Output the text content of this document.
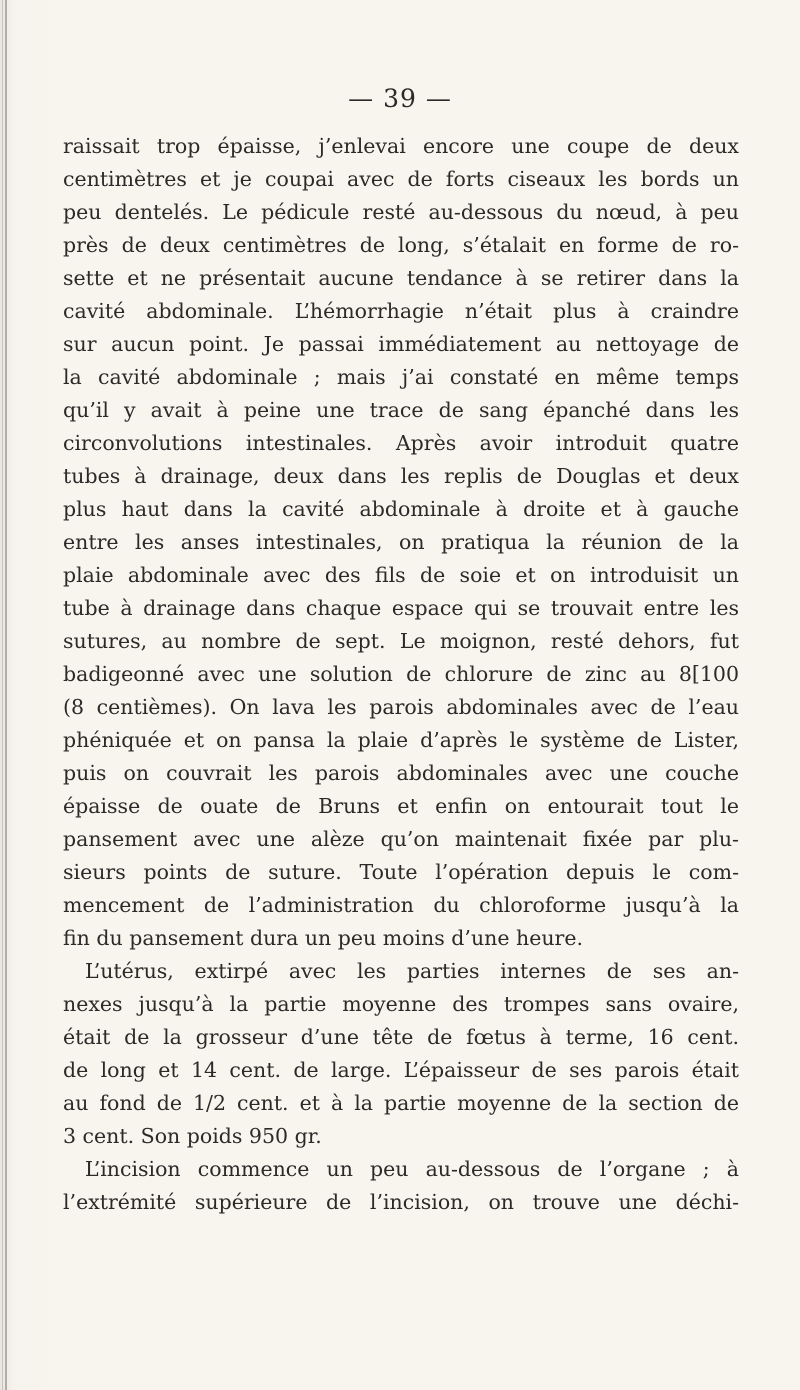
— 39 —
raissait trop épaisse, j’enlevai encore une coupe de deux
centimètres et je coupai avec de forts ciseaux les bords un
peu dentelés. Le pédicule resté au-dessous du nœud, à peu
près de deux centimètres de long, s’étalait en forme de ro-
sette et ne présentait aucune tendance à se retirer dans la
cavité abdominale. L’hémorrhagie n’était plus à craindre
sur aucun point. Je passai immédiatement au nettoyage de
la cavité abdominale ; mais j’ai constaté en même temps
qu’il y avait à peine une trace de sang épanché dans les
circonvolutions intestinales. Après avoir introduit quatre
tubes à drainage, deux dans les replis de Douglas et deux
plus haut dans la cavité abdominale à droite et à gauche
entre les anses intestinales, on pratiqua la réunion de la
plaie abdominale avec des fils de soie et on introduisit un
tube à drainage dans chaque espace qui se trouvait entre les
sutures, au nombre de sept. Le moignon, resté dehors, fut
badigeonné avec une solution de chlorure de zinc au 8[100
(8 centièmes). On lava les parois abdominales avec de l’eau
phéniquée et on pansa la plaie d’après le système de Lister,
puis on couvrait les parois abdominales avec une couche
épaisse de ouate de Bruns et enfin on entourait tout le
pansement avec une alèze qu’on maintenait fixée par plu-
sieurs points de suture. Toute l’opération depuis le com-
mencement de l’administration du chloroforme jusqu’à la
fin du pansement dura un peu moins d’une heure.
L’utérus, extirpé avec les parties internes de ses an-
nexes jusqu’à la partie moyenne des trompes sans ovaire,
était de la grosseur d’une tête de fœtus à terme, 16 cent.
de long et 14 cent. de large. L’épaisseur de ses parois était
au fond de 1/2 cent. et à la partie moyenne de la section de
3 cent. Son poids 950 gr.
L’incision commence un peu au-dessous de l’organe ; à
l’extrémité supérieure de l’incision, on trouve une déchi-
